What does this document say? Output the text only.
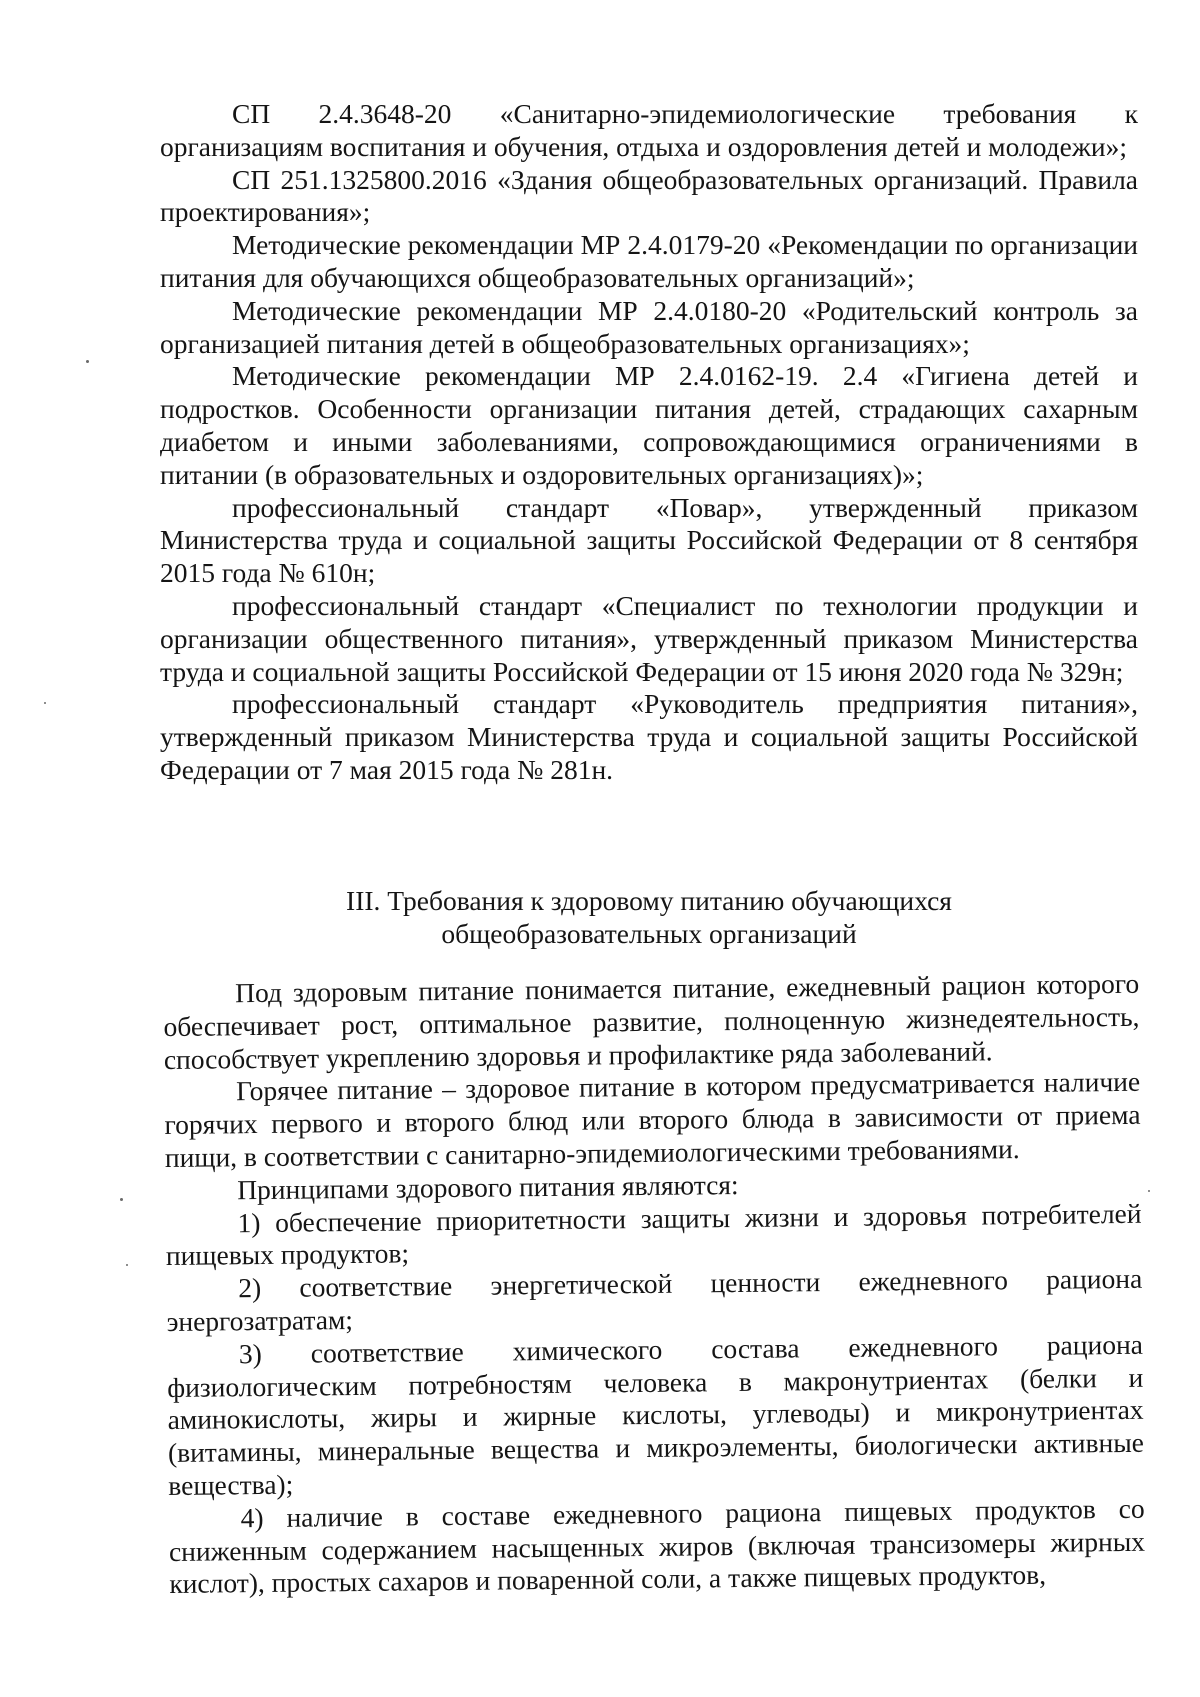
СП 2.4.3648-20 «Санитарно-эпидемиологические требования к организациям воспитания и обучения, отдыха и оздоровления детей и молодежи»;

СП 251.1325800.2016 «Здания общеобразовательных организаций. Правила проектирования»;

Методические рекомендации МР 2.4.0179-20 «Рекомендации по организации питания для обучающихся общеобразовательных организаций»;

Методические рекомендации МР 2.4.0180-20 «Родительский контроль за организацией питания детей в общеобразовательных организациях»;

Методические рекомендации МР 2.4.0162-19. 2.4 «Гигиена детей и подростков. Особенности организации питания детей, страдающих сахарным диабетом и иными заболеваниями, сопровождающимися ограничениями в питании (в образовательных и оздоровительных организациях)»;

профессиональный стандарт «Повар», утвержденный приказом Министерства труда и социальной защиты Российской Федерации от 8 сентября 2015 года № 610н;

профессиональный стандарт «Специалист по технологии продукции и организации общественного питания», утвержденный приказом Министерства труда и социальной защиты Российской Федерации от 15 июня 2020 года № 329н;

профессиональный стандарт «Руководитель предприятия питания», утвержденный приказом Министерства труда и социальной защиты Российской Федерации от 7 мая 2015 года № 281н.

III. Требования к здоровому питанию обучающихся

общеобразовательных организаций

Под здоровым питание понимается питание, ежедневный рацион которого обеспечивает рост, оптимальное развитие, полноценную жизнедеятельность, способствует укреплению здоровья и профилактике ряда заболеваний.

Горячее питание – здоровое питание в котором предусматривается наличие горячих первого и второго блюд или второго блюда в зависимости от приема пищи, в соответствии с санитарно-эпидемиологическими требованиями.

Принципами здорового питания являются:

1) обеспечение приоритетности защиты жизни и здоровья потребителей пищевых продуктов;

2) соответствие энергетической ценности ежедневного рациона энергозатратам;

3) соответствие химического состава ежедневного рациона физиологическим потребностям человека в макронутриентах (белки и аминокислоты, жиры и жирные кислоты, углеводы) и микронутриентах (витамины, минеральные вещества и микроэлементы, биологически активные вещества);

4) наличие в составе ежедневного рациона пищевых продуктов со сниженным содержанием насыщенных жиров (включая трансизомеры жирных кислот), простых сахаров и поваренной соли, а также пищевых продуктов,
